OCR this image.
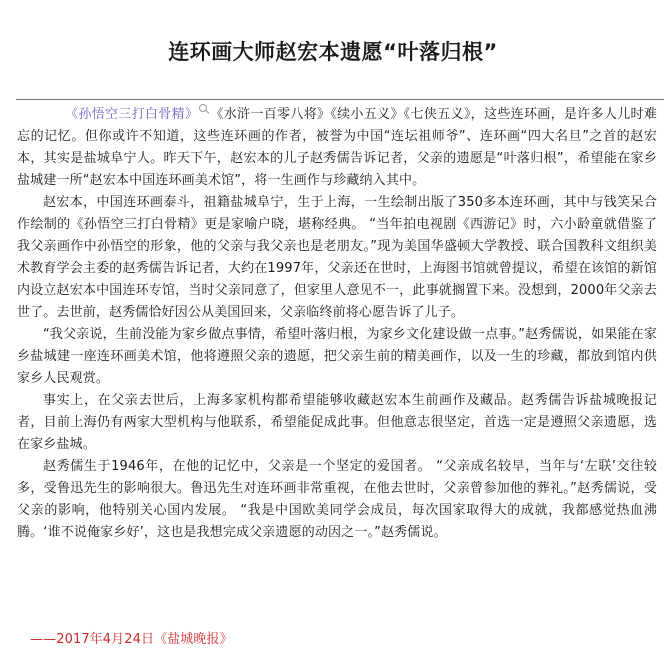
连环画大师赵宏本遗愿“叶落归根”

《孙悟空三打白骨精》 《水浒一百零八将》《续小五义》《七侠五义》，这些连环画，是许多人儿时难忘的记忆。但你或许不知道，这些连环画的作者，被誉为中国“连坛祖师爷”、连环画“四大名旦”之首的赵宏本，其实是盐城阜宁人。昨天下午，赵宏本的儿子赵秀儒告诉记者，父亲的遗愿是“叶落归根”，希望能在家乡盐城建一所“赵宏本中国连环画美术馆”，将一生画作与珍藏纳入其中。

赵宏本，中国连环画泰斗，祖籍盐城阜宁，生于上海，一生绘制出版了350多本连环画，其中与钱笑呆合作绘制的《孙悟空三打白骨精》更是家喻户晓，堪称经典。 “当年拍电视剧《西游记》时，六小龄童就借鉴了我父亲画作中孙悟空的形象，他的父亲与我父亲也是老朋友。”现为美国华盛顿大学教授、联合国教科文组织美术教育学会主委的赵秀儒告诉记者，大约在1997年，父亲还在世时，上海图书馆就曾提议，希望在该馆的新馆内设立赵宏本中国连环专馆，当时父亲同意了，但家里人意见不一，此事就搁置下来。没想到，2000年父亲去世了。去世前，赵秀儒恰好因公从美国回来，父亲临终前将心愿告诉了儿子。

“我父亲说，生前没能为家乡做点事情，希望叶落归根，为家乡文化建设做一点事。”赵秀儒说，如果能在家乡盐城建一座连环画美术馆，他将遵照父亲的遗愿，把父亲生前的精美画作，以及一生的珍藏，都放到馆内供家乡人民观赏。

事实上，在父亲去世后，上海多家机构都希望能够收藏赵宏本生前画作及藏品。赵秀儒告诉盐城晚报记者，目前上海仍有两家大型机构与他联系，希望能促成此事。但他意志很坚定，首选一定是遵照父亲遗愿，选在家乡盐城。

赵秀儒生于1946年，在他的记忆中，父亲是一个坚定的爱国者。 “父亲成名较早，当年与‘左联’交往较多，受鲁迅先生的影响很大。鲁迅先生对连环画非常重视，在他去世时，父亲曾参加他的葬礼。”赵秀儒说，受父亲的影响，他特别关心国内发展。 “我是中国欧美同学会成员，每次国家取得大的成就，我都感觉热血沸腾。‘谁不说俺家乡好’，这也是我想完成父亲遗愿的动因之一。”赵秀儒说。

——2017年4月24日《盐城晚报》
